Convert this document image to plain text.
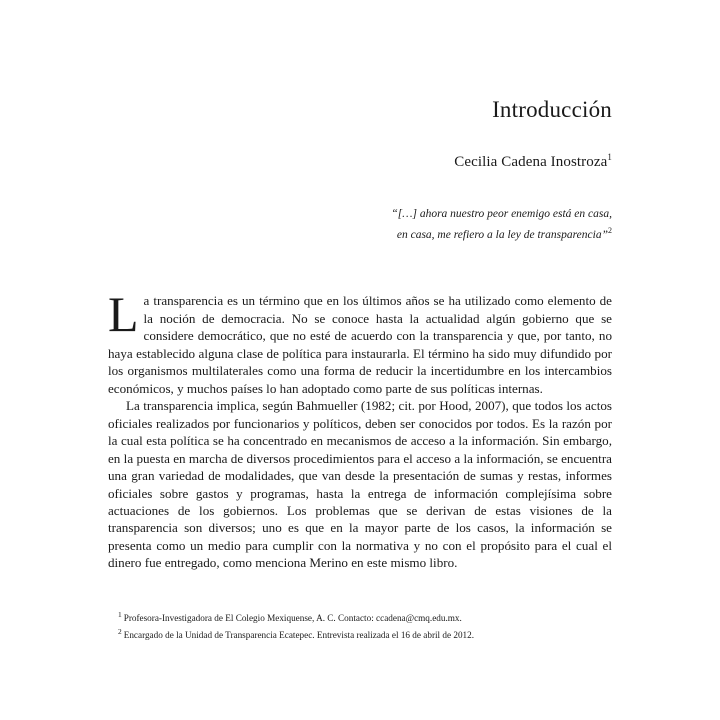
Introducción
Cecilia Cadena Inostroza$^1$
“[…] ahora nuestro peor enemigo está en casa,
en casa, me refiero a la ley de transparencia”$^2$

La transparencia es un término que en los últimos años se ha utilizado como elemento de la noción de democracia. No se conoce hasta la actualidad algún gobierno que se considere democrático, que no esté de acuerdo con la transparencia y que, por tanto, no haya establecido alguna clase de política para instaurarla. El término ha sido muy difundido por los organismos multilaterales como una forma de reducir la incertidumbre en los intercambios económicos, y muchos países lo han adoptado como parte de sus políticas internas.

La transparencia implica, según Bahmueller (1982; cit. por Hood, 2007), que todos los actos oficiales realizados por funcionarios y políticos, deben ser conocidos por todos. Es la razón por la cual esta política se ha concentrado en mecanismos de acceso a la información. Sin embargo, en la puesta en marcha de diversos procedimientos para el acceso a la información, se encuentra una gran variedad de modalidades, que van desde la presentación de sumas y restas, informes oficiales sobre gastos y programas, hasta la entrega de información complejísima sobre actuaciones de los gobiernos. Los problemas que se derivan de estas visiones de la transparencia son diversos; uno es que en la mayor parte de los casos, la información se presenta como un medio para cumplir con la normativa y no con el propósito para el cual el dinero fue entregado, como menciona Merino en este mismo libro.

$^1$ Profesora-Investigadora de El Colegio Mexiquense, A. C. Contacto: ccadena@cmq.edu.mx.
$^2$ Encargado de la Unidad de Transparencia Ecatepec. Entrevista realizada el 16 de abril de 2012.
